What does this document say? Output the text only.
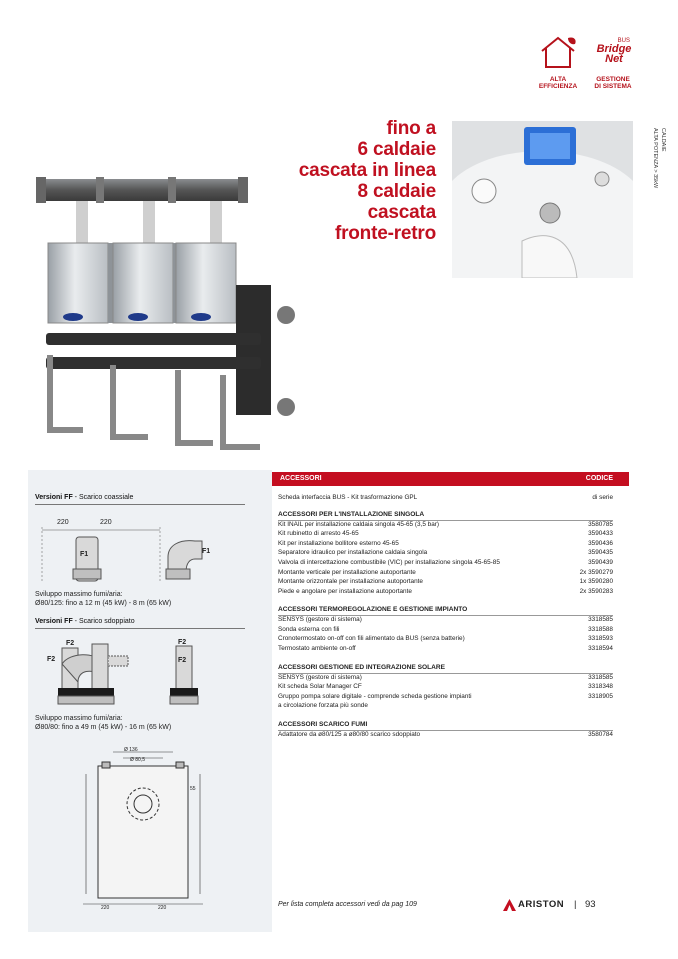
ALTA
EFFICIENZA
BUS
Bridge
Net
GESTIONE
DI SISTEMA
fino a
6 caldaie
cascata in linea
8 caldaie
cascata
fronte-retro
CALDAIE
ALTA POTENZA > 35kW
Versioni FF - Scarico coassiale
220	220
F1	F1
Sviluppo massimo fumi/aria:
Ø80/125: fino a 12 m (45 kW) - 8 m (65 kW)
Versioni FF - Scarico sdoppiato
F2
F2
F2
F2
Sviluppo massimo fumi/aria:
Ø80/80: fino a 49 m (45 kW) - 16 m (65 kW)
Ø 136
Ø 80,5
55
220	220
ACCESSORI	CODICE
Scheda interfaccia BUS - Kit trasformazione GPL	di serie
ACCESSORI PER L'INSTALLAZIONE SINGOLA
Kit INAIL per installazione caldaia singola 45-65 (3,5 bar)	3580785
Kit rubinetto di arresto 45-65	3590433
Kit per installazione bollitore esterno 45-65	3590436
Separatore idraulico per installazione caldaia singola	3590435
Valvola di intercettazione combustibile (VIC) per installazione singola 45-65-85	3590439
Montante verticale per installazione autoportante	2x 3590279
Montante orizzontale per installazione autoportante	1x 3590280
Piede e angolare per installazione autoportante	2x 3590283
ACCESSORI TERMOREGOLAZIONE E GESTIONE IMPIANTO
SENSYS (gestore di sistema)	3318585
Sonda esterna con fili	3318588
Cronotermostato on-off con fili alimentato da BUS (senza batterie)	3318593
Termostato ambiente on-off	3318594
ACCESSORI GESTIONE ED INTEGRAZIONE SOLARE
SENSYS (gestore di sistema)	3318585
Kit scheda Solar Manager CF	3318348
Gruppo pompa solare digitale - comprende scheda gestione impianti	3318905
a circolazione forzata più sonde
ACCESSORI SCARICO FUMI
Adattatore da ø80/125 a ø80/80 scarico sdoppiato	3580784
Per lista completa accessori vedi da pag 109	ARISTON | 93
